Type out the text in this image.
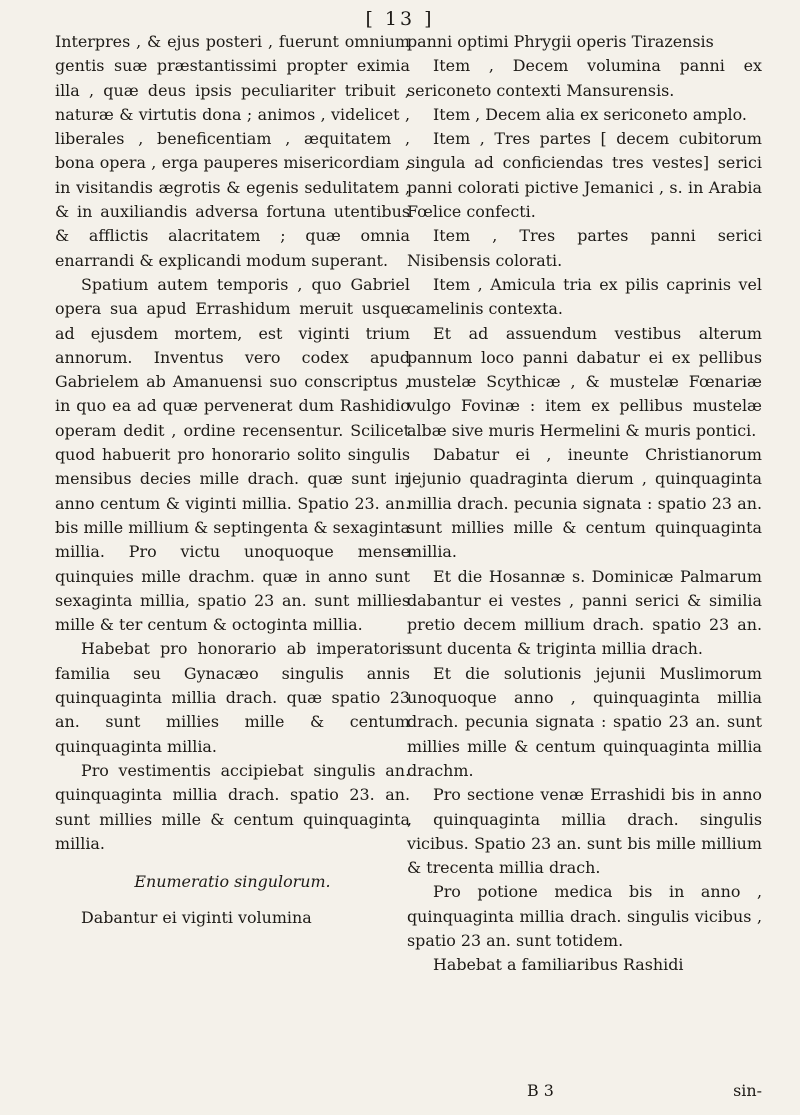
[ 13 ]

Interpres , & ejus posteri , fuerunt omnium gentis suæ præstantissimi propter eximia illa , quæ deus ipsis peculiariter tribuit , naturæ & virtutis dona ; animos , videlicet , liberales , beneficentiam , æquitatem , bona opera , erga pauperes misericordiam , in visitandis ægrotis & egenis sedulitatem , & in auxiliandis adversa fortuna utentibus & afflictis alacritatem ; quæ omnia enarrandi & explicandi modum superant.

Spatium autem temporis , quo Gabriel opera sua apud Errashidum meruit usque ad ejusdem mortem, est viginti trium annorum. Inventus vero codex apud Gabrielem ab Amanuensi suo conscriptus , in quo ea ad quæ pervenerat dum Rashidio operam dedit , ordine recensentur. Scilicet quod habuerit pro honorario solito singulis mensibus decies mille drach. quæ sunt in anno centum & viginti millia. Spatio 23. an. bis mille millium & septingenta & sexaginta millia. Pro victu unoquoque mense quinquies mille drachm. quæ in anno sunt sexaginta millia, spatio 23 an. sunt millies mille & ter centum & octoginta millia.

Habebat pro honorario ab imperatoris familia seu Gynacæo singulis annis quinquaginta millia drach. quæ spatio 23 an. sunt millies mille & centum quinquaginta millia.

Pro vestimentis accipiebat singulis an. quinquaginta millia drach. spatio 23. an. sunt millies mille & centum quinquaginta millia.

Enumeratio singulorum.

Dabantur ei viginti volumina

panni optimi Phrygii operis Tirazensis

Item , Decem volumina panni ex sericoneto contexti Mansurensis.

Item , Decem alia ex sericoneto amplo.

Item , Tres partes [ decem cubitorum singula ad conficiendas tres vestes] serici panni colorati pictive Jemanici , s. in Arabia Fœlice confecti.

Item , Tres partes panni serici Nisibensis colorati.

Item , Amicula tria ex pilis caprinis vel camelinis contexta.

Et ad assuendum vestibus alterum pannum loco panni dabatur ei ex pellibus mustelæ Scythicæ , & mustelæ Fœnariæ vulgo Fovinæ : item ex pellibus mustelæ albæ sive muris Hermelini & muris pontici.

Dabatur ei , ineunte Christianorum jejunio quadraginta dierum , quinquaginta millia drach. pecunia signata : spatio 23 an. sunt millies mille & centum quinquaginta millia.

Et die Hosannæ s. Dominicæ Palmarum dabantur ei vestes , panni serici & similia pretio decem millium drach. spatio 23 an. sunt ducenta & triginta millia drach.

Et die solutionis jejunii Muslimorum unoquoque anno , quinquaginta millia drach. pecunia signata : spatio 23 an. sunt millies mille & centum quinquaginta millia drachm.

Pro sectione venæ Errashidi bis in anno , quinquaginta millia drach. singulis vicibus. Spatio 23 an. sunt bis mille millium & trecenta millia drach.

Pro potione medica bis in anno , quinquaginta millia drach. singulis vicibus , spatio 23 an. sunt totidem.

Habebat a familiaribus Rashidi

B 3	sin-
